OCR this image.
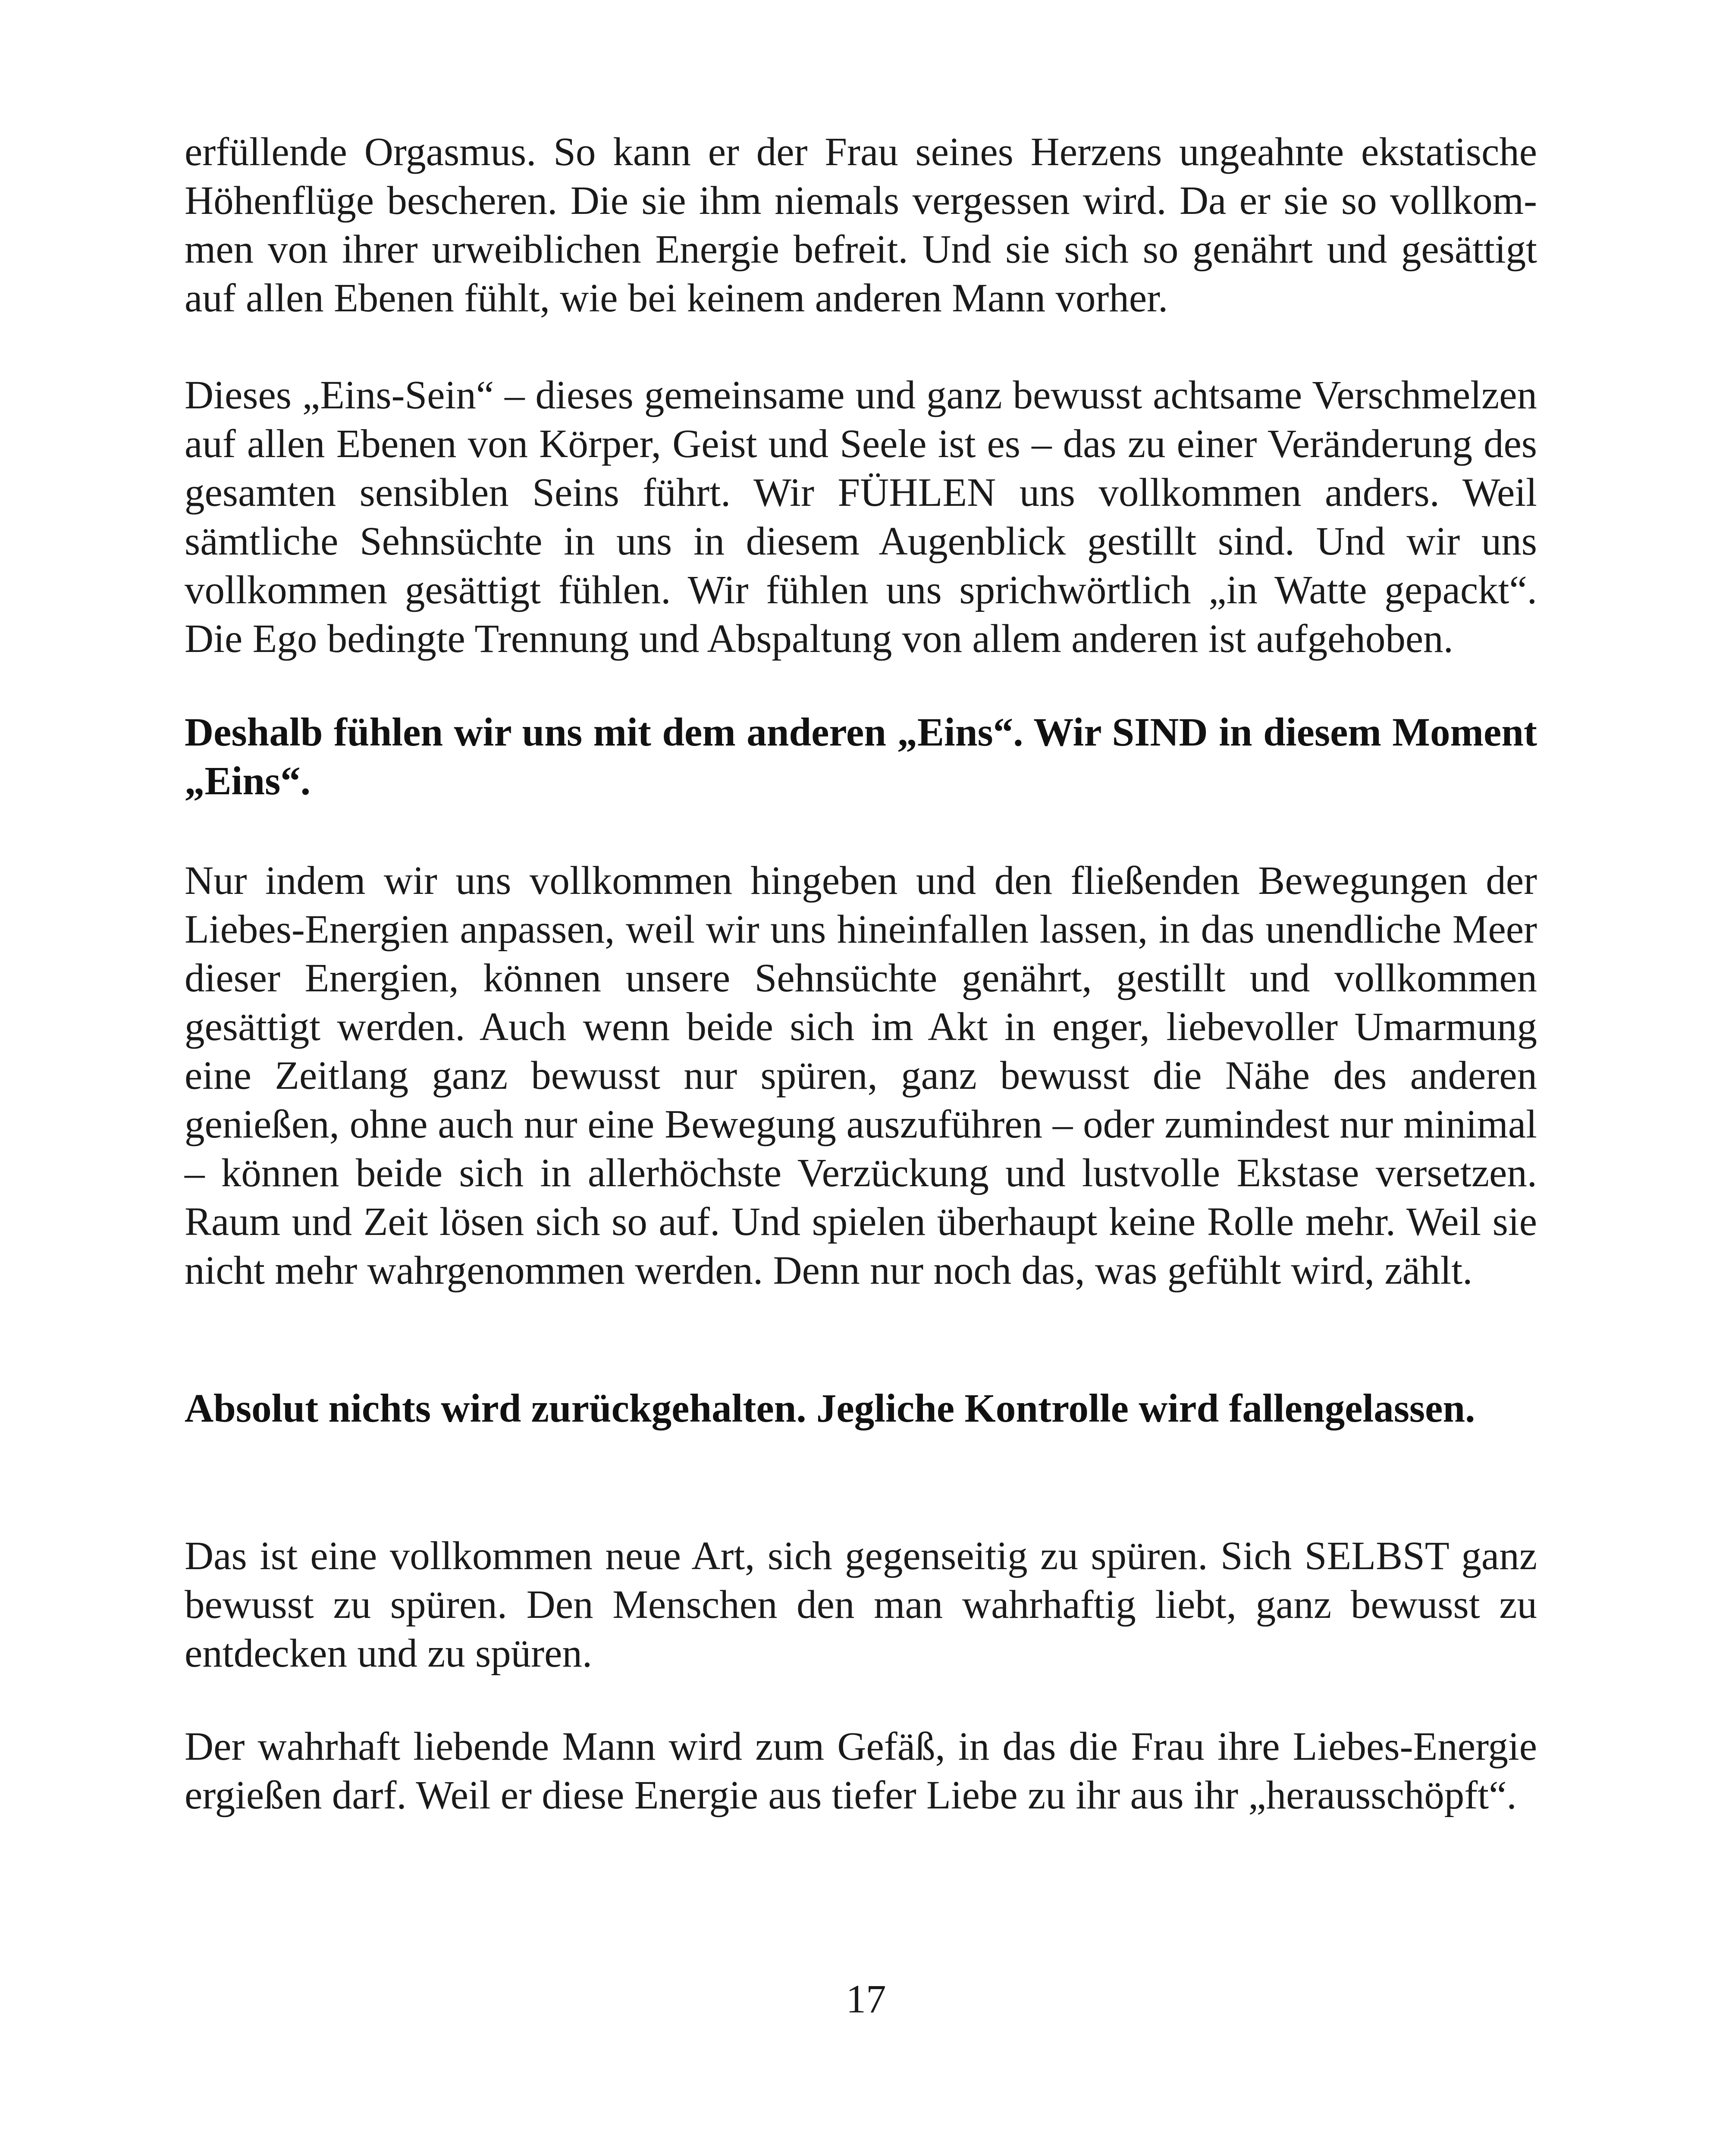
erfüllende Orgasmus. So kann er der Frau seines Herzens ungeahnte ekstatische Höhenflüge bescheren. Die sie ihm niemals vergessen wird. Da er sie so vollkommen von ihrer urweiblichen Energie befreit. Und sie sich so genährt und gesättigt auf allen Ebenen fühlt, wie bei keinem anderen Mann vorher.

Dieses „Eins-Sein“ – dieses gemeinsame und ganz bewusst achtsame Verschmelzen auf allen Ebenen von Körper, Geist und Seele ist es – das zu einer Veränderung des gesamten sensiblen Seins führt. Wir FÜHLEN uns vollkommen anders. Weil sämtliche Sehnsüchte in uns in diesem Augenblick gestillt sind. Und wir uns vollkommen gesättigt fühlen. Wir fühlen uns sprichwörtlich „in Watte gepackt“. Die Ego bedingte Trennung und Abspaltung von allem anderen ist aufgehoben.

Deshalb fühlen wir uns mit dem anderen „Eins“. Wir SIND in diesem Moment „Eins“.

Nur indem wir uns vollkommen hingeben und den fließenden Bewegungen der Liebes-Energien anpassen, weil wir uns hineinfallen lassen, in das unendliche Meer dieser Energien, können unsere Sehnsüchte genährt, gestillt und vollkommen gesättigt werden. Auch wenn beide sich im Akt in enger, liebevoller Umarmung eine Zeitlang ganz bewusst nur spüren, ganz bewusst die Nähe des anderen genießen, ohne auch nur eine Bewegung auszuführen – oder zumindest nur minimal – können beide sich in allerhöchste Verzückung und lustvolle Ekstase versetzen. Raum und Zeit lösen sich so auf. Und spielen überhaupt keine Rolle mehr. Weil sie nicht mehr wahrgenommen werden. Denn nur noch das, was gefühlt wird, zählt.

Absolut nichts wird zurückgehalten. Jegliche Kontrolle wird fallengelassen.

Das ist eine vollkommen neue Art, sich gegenseitig zu spüren. Sich SELBST ganz bewusst zu spüren. Den Menschen den man wahrhaftig liebt, ganz bewusst zu entdecken und zu spüren.

Der wahrhaft liebende Mann wird zum Gefäß, in das die Frau ihre Liebes-Energie ergießen darf. Weil er diese Energie aus tiefer Liebe zu ihr aus ihr „herausschöpft“.

17
